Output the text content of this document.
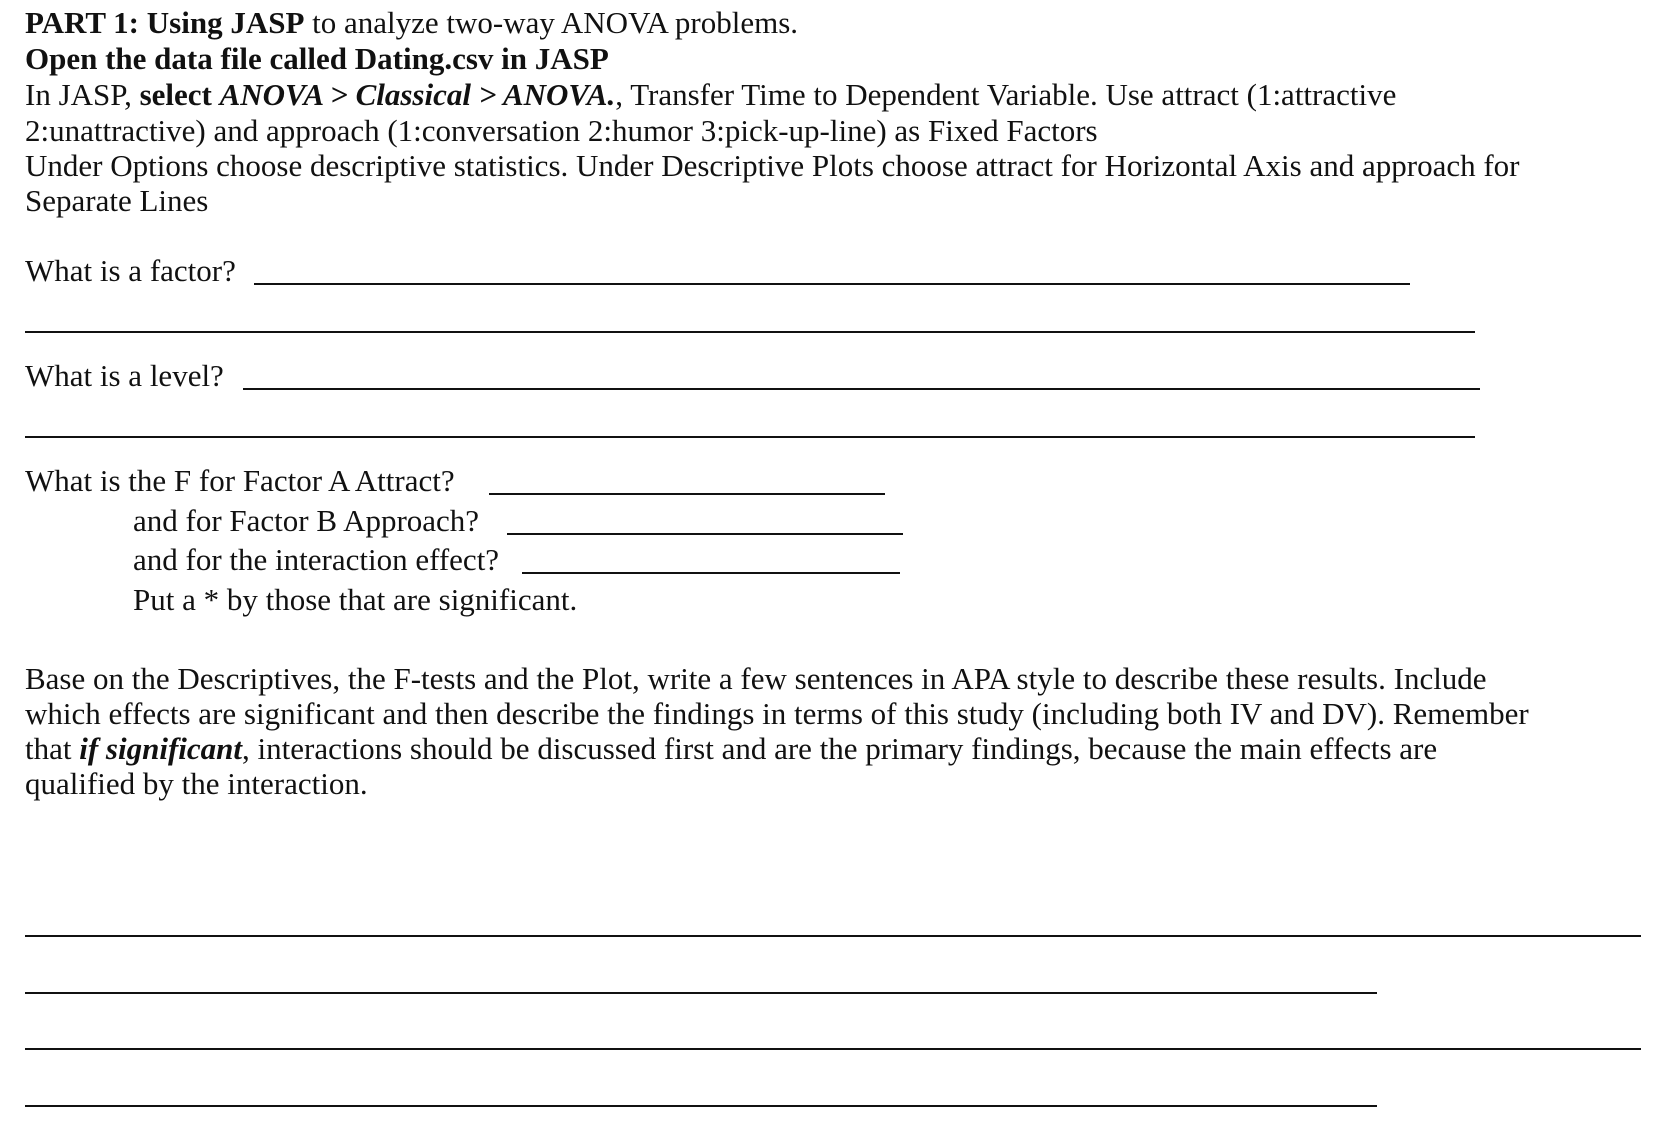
PART 1: Using JASP to analyze two-way ANOVA problems.
Open the data file called Dating.csv in JASP
In JASP, select ANOVA > Classical > ANOVA., Transfer Time to Dependent Variable. Use attract (1:attractive
2:unattractive) and approach (1:conversation 2:humor 3:pick-up-line) as Fixed Factors
Under Options choose descriptive statistics. Under Descriptive Plots choose attract for Horizontal Axis and approach for
Separate Lines
What is a factor?
What is a level?
What is the F for Factor A Attract?
and for Factor B Approach?
and for the interaction effect?
Put a * by those that are significant.
Base on the Descriptives, the F-tests and the Plot, write a few sentences in APA style to describe these results. Include
which effects are significant and then describe the findings in terms of this study (including both IV and DV). Remember
that if significant, interactions should be discussed first and are the primary findings, because the main effects are
qualified by the interaction.
